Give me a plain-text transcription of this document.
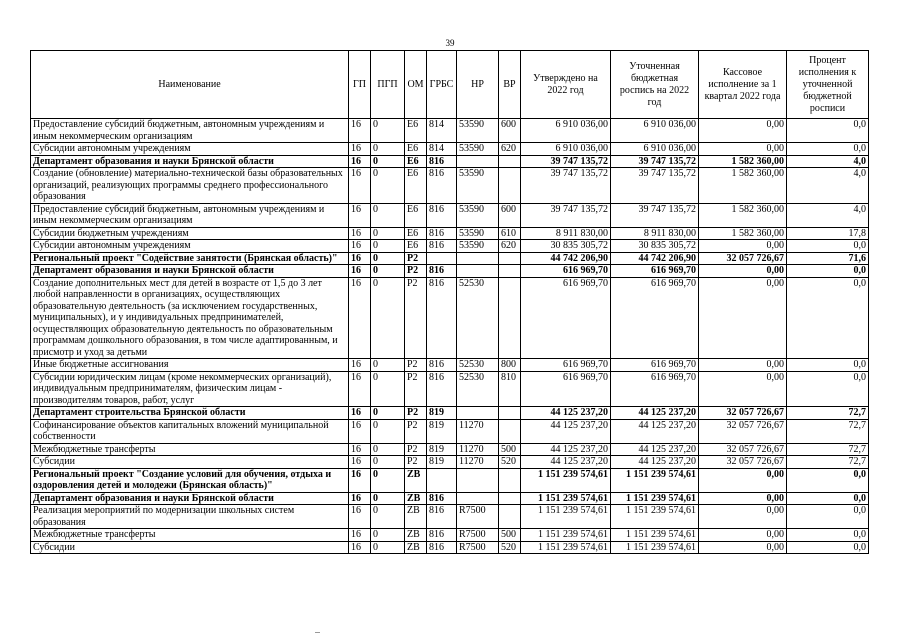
39
Наименование	ГП	ПГП	ОМ	ГРБС	НР	ВР	Утверждено на 2022 год	Уточненная бюджетная роспись на 2022 год	Кассовое исполнение за 1 квартал 2022 года	Процент исполнения к уточненной бюджетной росписи
Предоставление субсидий бюджетным, автономным учреждениям и иным некоммерческим организациям	16	0	E6	814	53590	600	6 910 036,00	6 910 036,00	0,00	0,0
Субсидии автономным учреждениям	16	0	E6	814	53590	620	6 910 036,00	6 910 036,00	0,00	0,0
Департамент образования и науки Брянской области	16	0	E6	816			39 747 135,72	39 747 135,72	1 582 360,00	4,0
Создание (обновление) материально-технической базы образовательных организаций, реализующих программы среднего профессионального образования	16	0	E6	816	53590		39 747 135,72	39 747 135,72	1 582 360,00	4,0
Предоставление субсидий бюджетным, автономным учреждениям и иным некоммерческим организациям	16	0	E6	816	53590	600	39 747 135,72	39 747 135,72	1 582 360,00	4,0
Субсидии бюджетным учреждениям	16	0	E6	816	53590	610	8 911 830,00	8 911 830,00	1 582 360,00	17,8
Субсидии автономным учреждениям	16	0	E6	816	53590	620	30 835 305,72	30 835 305,72	0,00	0,0
Региональный проект "Содействие занятости (Брянская область)"	16	0	P2				44 742 206,90	44 742 206,90	32 057 726,67	71,6
Департамент образования и науки Брянской области	16	0	P2	816			616 969,70	616 969,70	0,00	0,0
Создание дополнительных мест для детей в возрасте от 1,5 до 3 лет любой направленности в организациях, осуществляющих образовательную деятельность (за исключением государственных, муниципальных), и у индивидуальных предпринимателей, осуществляющих образовательную деятельность по образовательным программам дошкольного образования, в том числе адаптированным, и присмотр и уход за детьми	16	0	P2	816	52530		616 969,70	616 969,70	0,00	0,0
Иные бюджетные ассигнования	16	0	P2	816	52530	800	616 969,70	616 969,70	0,00	0,0
Субсидии юридическим лицам (кроме некоммерческих организаций), индивидуальным предпринимателям, физическим лицам - производителям товаров, работ, услуг	16	0	P2	816	52530	810	616 969,70	616 969,70	0,00	0,0
Департамент строительства Брянской области	16	0	P2	819			44 125 237,20	44 125 237,20	32 057 726,67	72,7
Софинансирование объектов капитальных вложений муниципальной собственности	16	0	P2	819	11270		44 125 237,20	44 125 237,20	32 057 726,67	72,7
Межбюджетные трансферты	16	0	P2	819	11270	500	44 125 237,20	44 125 237,20	32 057 726,67	72,7
Субсидии	16	0	P2	819	11270	520	44 125 237,20	44 125 237,20	32 057 726,67	72,7
Региональный проект "Создание условий для обучения, отдыха и оздоровления детей и молодежи (Брянская область)"	16	0	ZB				1 151 239 574,61	1 151 239 574,61	0,00	0,0
Департамент образования и науки Брянской области	16	0	ZB	816			1 151 239 574,61	1 151 239 574,61	0,00	0,0
Реализация мероприятий по модернизации школьных систем образования	16	0	ZB	816	R7500		1 151 239 574,61	1 151 239 574,61	0,00	0,0
Межбюджетные трансферты	16	0	ZB	816	R7500	500	1 151 239 574,61	1 151 239 574,61	0,00	0,0
Субсидии	16	0	ZB	816	R7500	520	1 151 239 574,61	1 151 239 574,61	0,00	0,0
